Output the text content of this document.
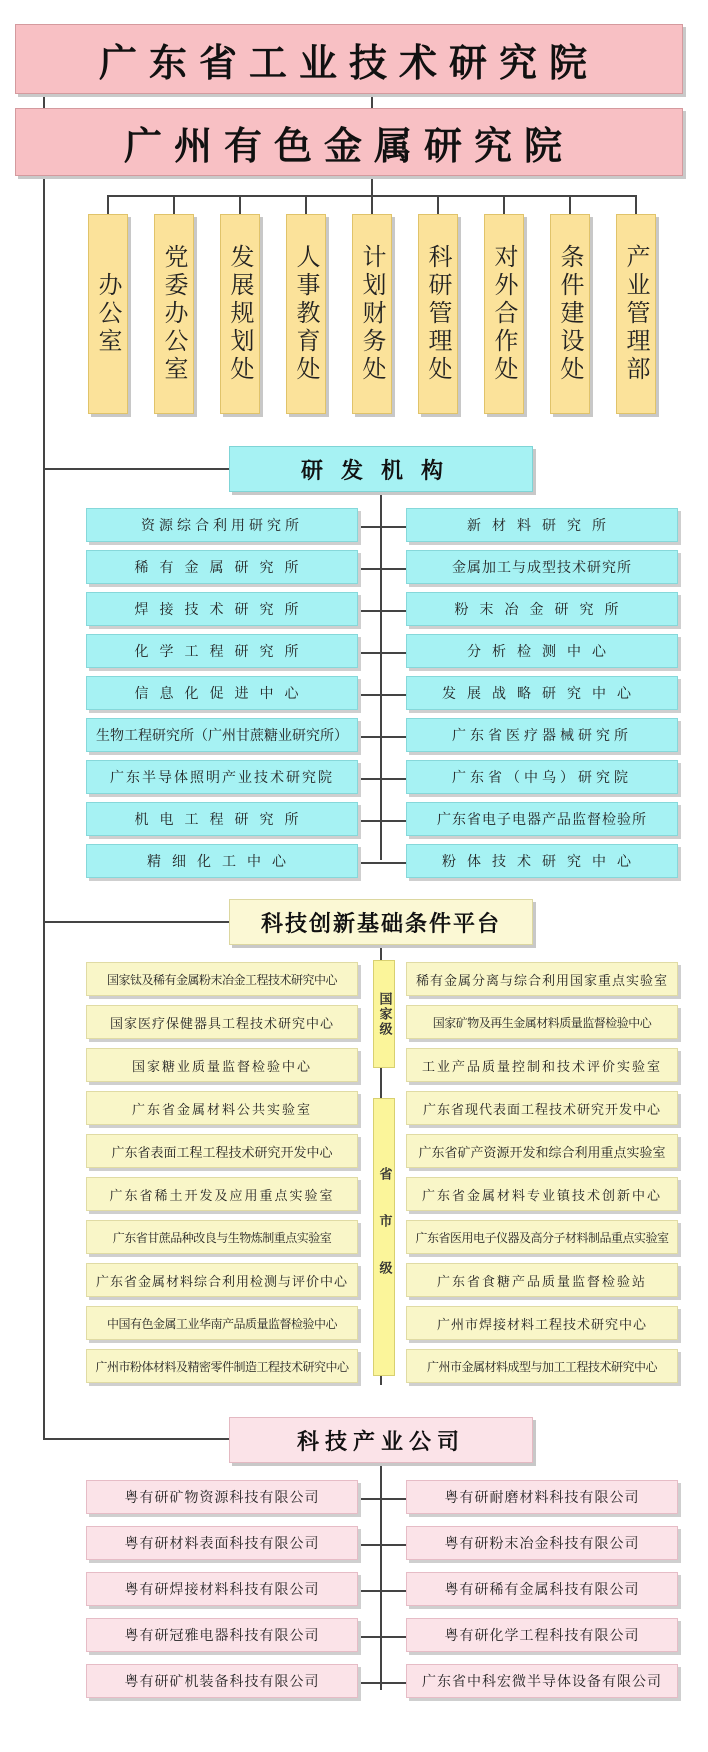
广东省工业技术研究院
广州有色金属研究院
办公室 党委办公室 发展规划处 人事教育处 计划财务处 科研管理处 对外合作处 条件建设处 产业管理部
资源综合利用研究所	新材料研究所
稀有金属研究所	金属加工与成型技术研究所
焊接技术研究所	粉末冶金研究所
化学工程研究所	分析检测中心
信息化促进中心	发展战略研究中心
生物工程研究所（广州甘蔗糖业研究所）	广东省医疗器械研究所
广东半导体照明产业技术研究院	广东省（中乌）研究院
机电工程研究所	广东省电子电器产品监督检验所
精细化工中心	粉体技术研究中心
研发机构
科技创新基础条件平台
国家级
省市级
国家钛及稀有金属粉末冶金工程技术研究中心	稀有金属分离与综合利用国家重点实验室
国家医疗保健器具工程技术研究中心	国家矿物及再生金属材料质量监督检验中心
国家糖业质量监督检验中心	工业产品质量控制和技术评价实验室
广东省金属材料公共实验室	广东省现代表面工程技术研究开发中心
广东省表面工程工程技术研究开发中心	广东省矿产资源开发和综合利用重点实验室
广东省稀土开发及应用重点实验室	广东省金属材料专业镇技术创新中心
广东省甘蔗品种改良与生物炼制重点实验室	广东省医用电子仪器及高分子材料制品重点实验室
广东省金属材料综合利用检测与评价中心	广东省食糖产品质量监督检验站
中国有色金属工业华南产品质量监督检验中心	广州市焊接材料工程技术研究中心
广州市粉体材料及精密零件制造工程技术研究中心	广州市金属材料成型与加工工程技术研究中心
科技产业公司
粤有研矿物资源科技有限公司	粤有研耐磨材料科技有限公司
粤有研材料表面科技有限公司	粤有研粉末冶金科技有限公司
粤有研焊接材料科技有限公司	粤有研稀有金属科技有限公司
粤有研冠雅电器科技有限公司	粤有研化学工程科技有限公司
粤有研矿机装备科技有限公司	广东省中科宏微半导体设备有限公司
